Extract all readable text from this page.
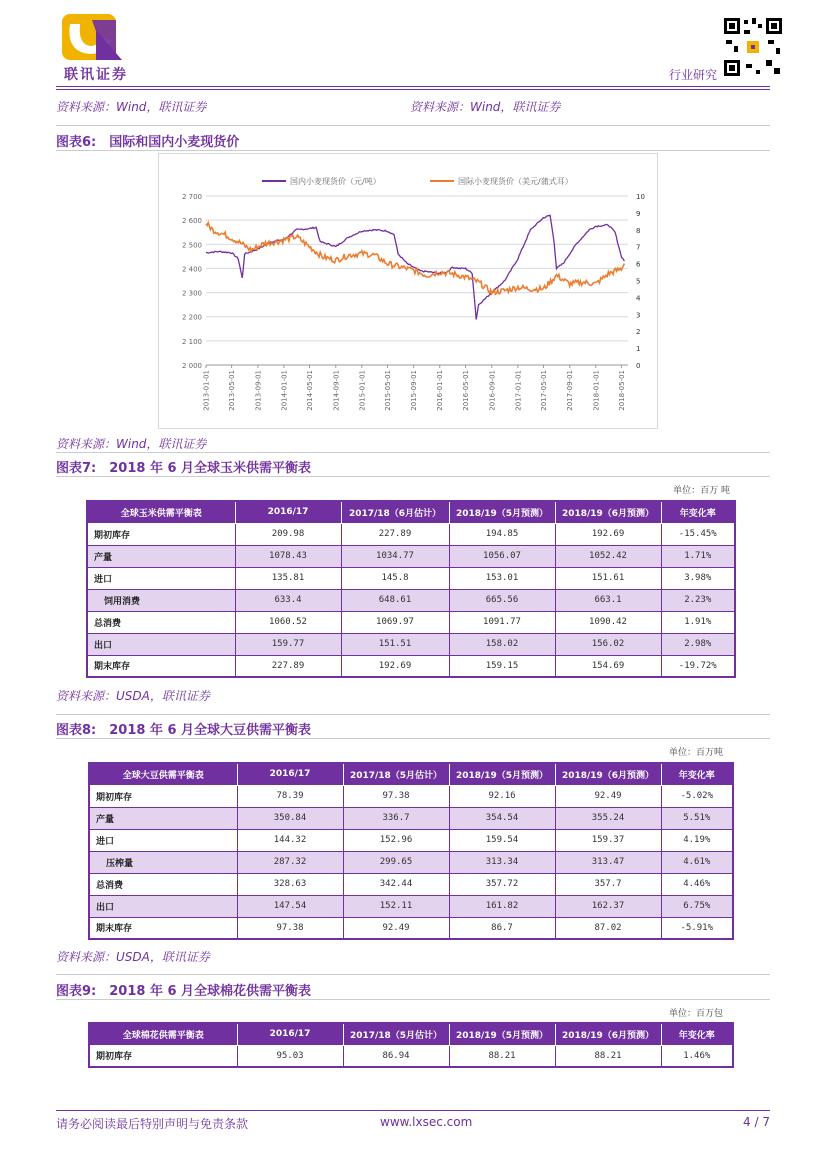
联讯证券	行业研究
资料来源：Wind，联讯证券	资料来源：Wind，联讯证券
图表6:　国际和国内小麦现货价
国内小麦现货价（元/吨）	国际小麦现货价（美元/蒲式耳）
2 700
2 600
2 500
2 400
2 300
2 200
2 100
2 000
10
9
8
7
6
5
4
3
2
1
0
2013-01-01	2013-05-01	2013-09-01	2014-01-01	2014-05-01	2014-09-01	2015-01-01	2015-05-01	2015-09-01	2016-01-01	2016-05-01	2016-09-01	2017-01-01	2017-05-01	2017-09-01	2018-01-01	2018-05-01
资料来源：Wind，联讯证券
图表7:　2018 年 6 月全球玉米供需平衡表
单位：百万 吨
全球玉米供需平衡表	2016/17	2017/18（6月估计）	2018/19（5月预测）	2018/19（6月预测）	年变化率
期初库存	209.98	227.89	194.85	192.69	-15.45%
产量	1078.43	1034.77	1056.07	1052.42	1.71%
进口	135.81	145.8	153.01	151.61	3.98%
饲用消费	633.4	648.61	665.56	663.1	2.23%
总消费	1060.52	1069.97	1091.77	1090.42	1.91%
出口	159.77	151.51	158.02	156.02	2.98%
期末库存	227.89	192.69	159.15	154.69	-19.72%
资料来源：USDA，联讯证券
图表8:　2018 年 6 月全球大豆供需平衡表
单位：百万吨
全球大豆供需平衡表	2016/17	2017/18（5月估计）	2018/19（5月预测）	2018/19（6月预测）	年变化率
期初库存	78.39	97.38	92.16	92.49	-5.02%
产量	350.84	336.7	354.54	355.24	5.51%
进口	144.32	152.96	159.54	159.37	4.19%
压榨量	287.32	299.65	313.34	313.47	4.61%
总消费	328.63	342.44	357.72	357.7	4.46%
出口	147.54	152.11	161.82	162.37	6.75%
期末库存	97.38	92.49	86.7	87.02	-5.91%
资料来源：USDA，联讯证券
图表9:　2018 年 6 月全球棉花供需平衡表
单位：百万包
全球棉花供需平衡表	2016/17	2017/18（5月估计）	2018/19（5月预测）	2018/19（6月预测）	年变化率
期初库存	95.03	86.94	88.21	88.21	1.46%
请务必阅读最后特别声明与免责条款	www.lxsec.com	4 / 7
